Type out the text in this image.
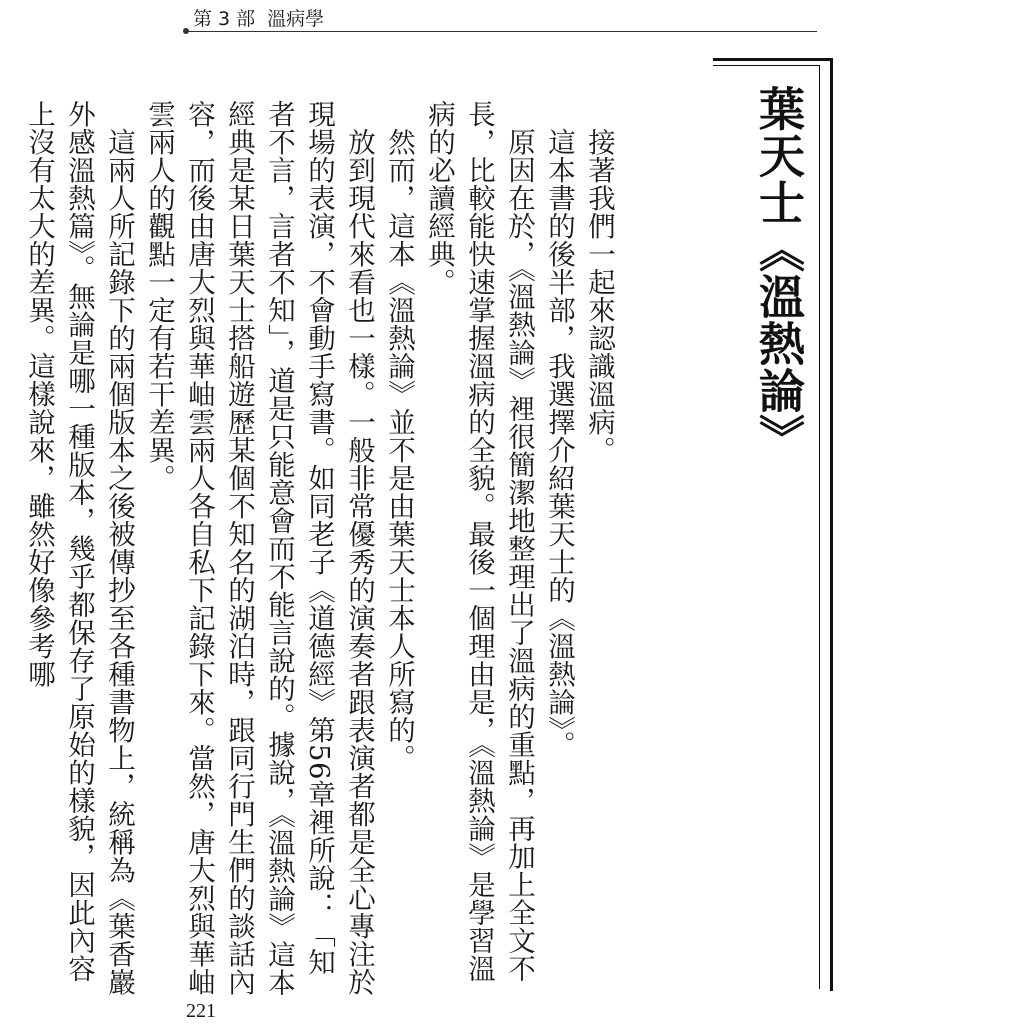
第 3 部 溫病學
葉天士《溫熱論》

接著我們一起來認識溫病。

這本書的後半部，我選擇介紹葉天士的《溫熱論》。

原因在於，《溫熱論》裡很簡潔地整理出了溫病的重點，再加上全文不長，比較能快速掌握溫病的全貌。最後一個理由是，《溫熱論》是學習溫病的必讀經典。

然而，這本《溫熱論》並不是由葉天士本人所寫的。

放到現代來看也一樣。一般非常優秀的演奏者跟表演者都是全心專注於現場的表演，不會動手寫書。如同老子《道德經》第56章裡所說：「知者不言，言者不知」，道是只能意會而不能言說的。據說，《溫熱論》這本經典是某日葉天士搭船遊歷某個不知名的湖泊時，跟同行門生們的談話內容，而後由唐大烈與華岫雲兩人各自私下記錄下來。當然，唐大烈與華岫雲兩人的觀點一定有若干差異。

這兩人所記錄下的兩個版本之後被傳抄至各種書物上，統稱為《葉香巖外感溫熱篇》。無論是哪一種版本，幾乎都保存了原始的樣貌，因此內容上沒有太大的差異。這樣說來，雖然好像參考哪

221
